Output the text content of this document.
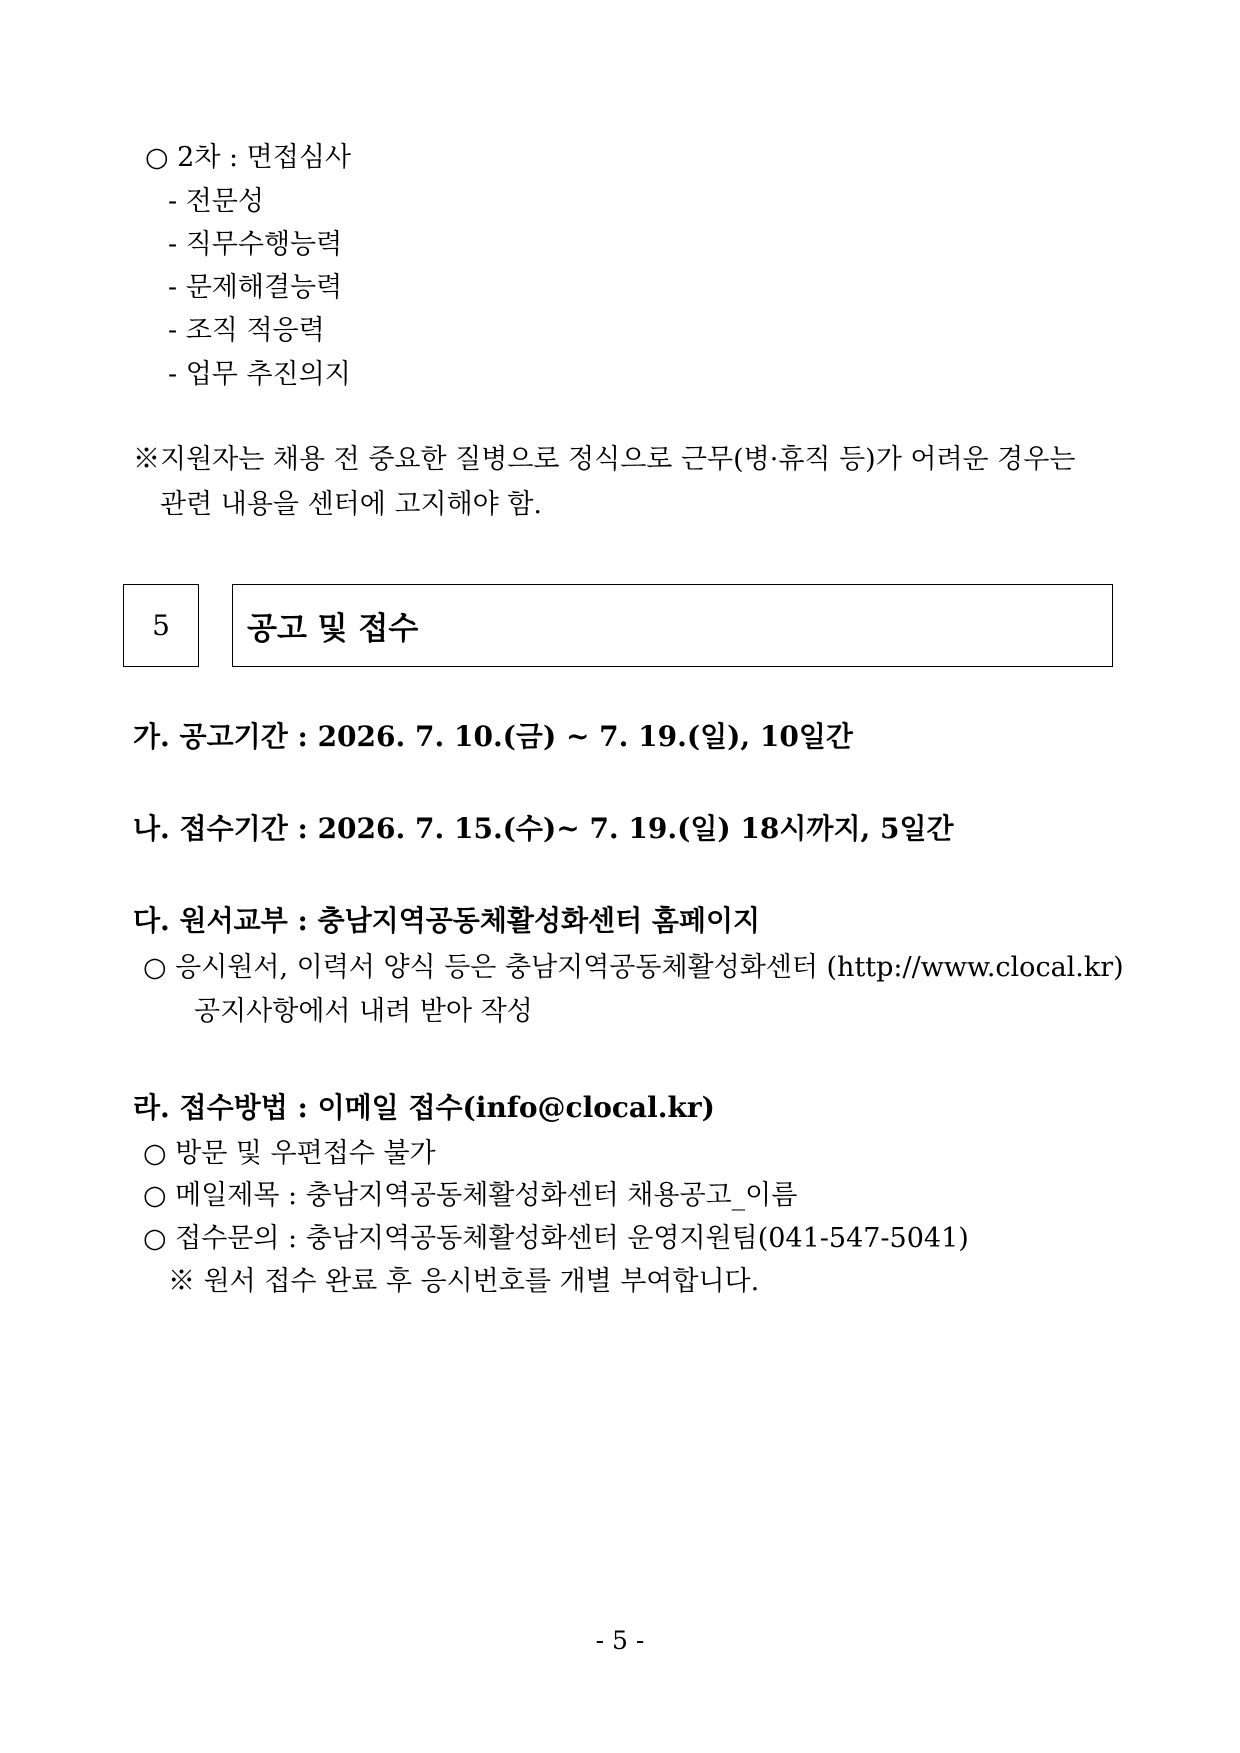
○ 2차 : 면접심사
- 전문성
- 직무수행능력
- 문제해결능력
- 조직 적응력
- 업무 추진의지
※지원자는 채용 전 중요한 질병으로 정식으로 근무(병·휴직 등)가 어려운 경우는
관련 내용을 센터에 고지해야 함.
5 공고 및 접수
가. 공고기간 : 2026. 7. 10.(금) ~ 7. 19.(일), 10일간
나. 접수기간 : 2026. 7. 15.(수)~ 7. 19.(일) 18시까지, 5일간
다. 원서교부 : 충남지역공동체활성화센터 홈페이지
○ 응시원서, 이력서 양식 등은 충남지역공동체활성화센터 (http://www.clocal.kr)
공지사항에서 내려 받아 작성
라. 접수방법 : 이메일 접수(info@clocal.kr)
○ 방문 및 우편접수 불가
○ 메일제목 : 충남지역공동체활성화센터 채용공고_이름
○ 접수문의 : 충남지역공동체활성화센터 운영지원팀(041-547-5041)
※ 원서 접수 완료 후 응시번호를 개별 부여합니다.
- 5 -
